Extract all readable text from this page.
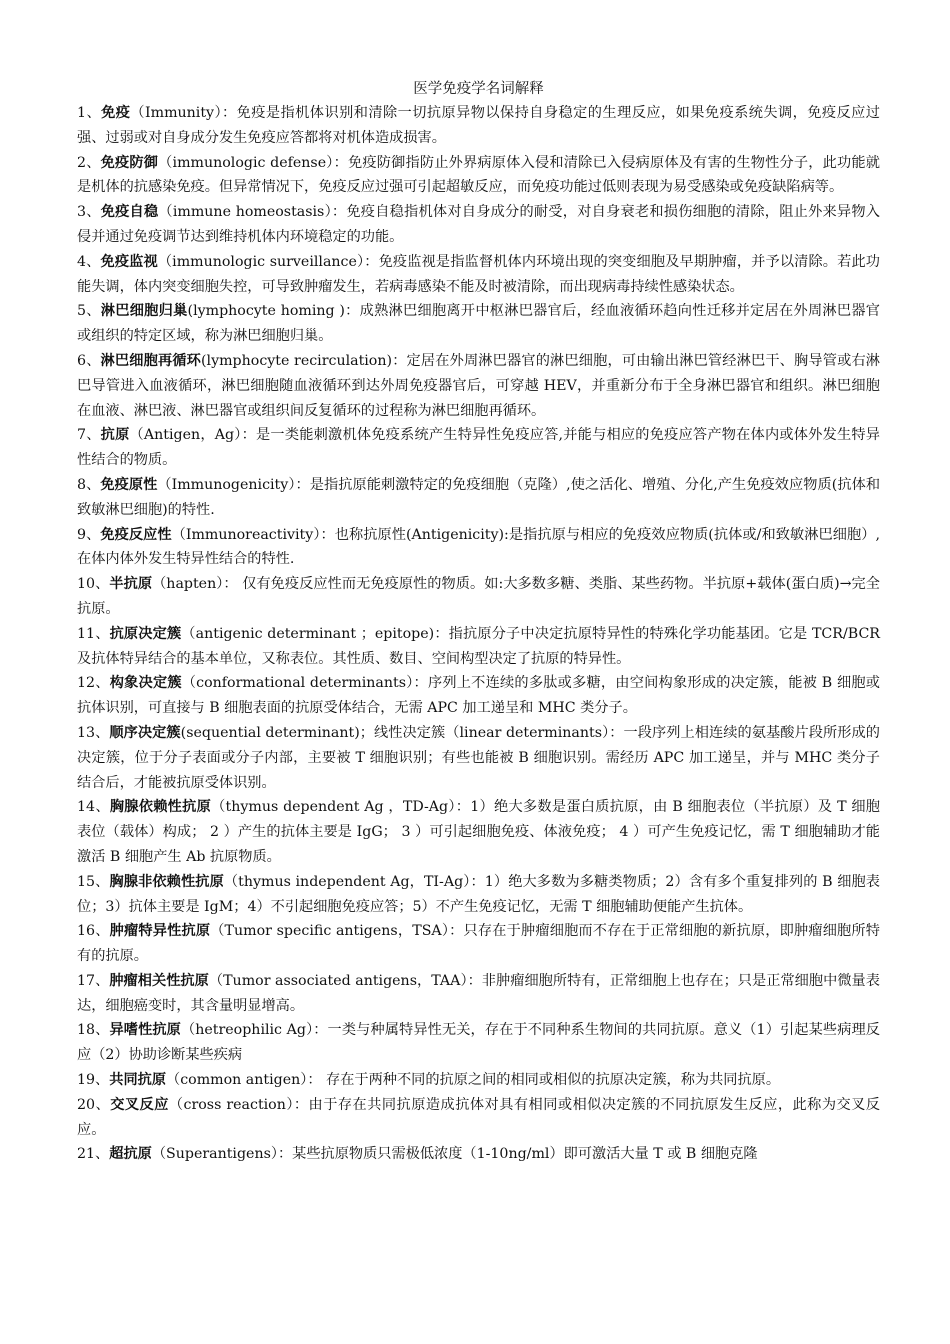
医学免疫学名词解释

1、免疫（Immunity）：免疫是指机体识别和清除一切抗原异物以保持自身稳定的生理反应，如果免疫系统失调，免疫反应过强、过弱或对自身成分发生免疫应答都将对机体造成损害。

2、免疫防御（immunologic defense）：免疫防御指防止外界病原体入侵和清除已入侵病原体及有害的生物性分子，此功能就是机体的抗感染免疫。但异常情况下，免疫反应过强可引起超敏反应，而免疫功能过低则表现为易受感染或免疫缺陷病等。

3、免疫自稳（immune homeostasis）：免疫自稳指机体对自身成分的耐受，对自身衰老和损伤细胞的清除，阻止外来异物入侵并通过免疫调节达到维持机体内环境稳定的功能。

4、免疫监视（immunologic surveillance）：免疫监视是指监督机体内环境出现的突变细胞及早期肿瘤，并予以清除。若此功能失调，体内突变细胞失控，可导致肿瘤发生，若病毒感染不能及时被清除，而出现病毒持续性感染状态。

5、淋巴细胞归巢(lymphocyte homing )：成熟淋巴细胞离开中枢淋巴器官后，经血液循环趋向性迁移并定居在外周淋巴器官或组织的特定区域，称为淋巴细胞归巢。

6、淋巴细胞再循环(lymphocyte recirculation)：定居在外周淋巴器官的淋巴细胞，可由输出淋巴管经淋巴干、胸导管或右淋巴导管进入血液循环，淋巴细胞随血液循环到达外周免疫器官后，可穿越 HEV，并重新分布于全身淋巴器官和组织。淋巴细胞在血液、淋巴液、淋巴器官或组织间反复循环的过程称为淋巴细胞再循环。

7、抗原（Antigen，Ag）：是一类能刺激机体免疫系统产生特异性免疫应答,并能与相应的免疫应答产物在体内或体外发生特异性结合的物质。

8、免疫原性（Immunogenicity）：是指抗原能刺激特定的免疫细胞（克隆）,使之活化、增殖、分化,产生免疫效应物质(抗体和致敏淋巴细胞)的特性.

9、免疫反应性（Immunoreactivity）：也称抗原性(Antigenicity):是指抗原与相应的免疫效应物质(抗体或/和致敏淋巴细胞）,在体内体外发生特异性结合的特性.

10、半抗原（hapten）： 仅有免疫反应性而无免疫原性的物质。如:大多数多糖、类脂、某些药物。半抗原+载体(蛋白质)→完全抗原。

11、抗原决定簇（antigenic determinant ；epitope)：指抗原分子中决定抗原特异性的特殊化学功能基团。它是 TCR/BCR 及抗体特异结合的基本单位，又称表位。其性质、数目、空间构型决定了抗原的特异性。

12、构象决定簇（conformational determinants）：序列上不连续的多肽或多糖，由空间构象形成的决定簇，能被 B 细胞或抗体识别，可直接与 B 细胞表面的抗原受体结合，无需 APC 加工递呈和 MHC 类分子。

13、顺序决定簇(sequential determinant)；线性决定簇（linear determinants）：一段序列上相连续的氨基酸片段所形成的决定簇，位于分子表面或分子内部，主要被 T 细胞识别；有些也能被 B 细胞识别。需经历 APC 加工递呈，并与 MHC 类分子结合后，才能被抗原受体识别。

14、胸腺依赖性抗原（thymus dependent Ag ，TD-Ag）：1）绝大多数是蛋白质抗原，由 B 细胞表位（半抗原）及 T 细胞表位（载体）构成； 2 ）产生的抗体主要是 IgG； 3 ）可引起细胞免疫、体液免疫； 4 ）可产生免疫记忆，需 T 细胞辅助才能激活 B 细胞产生 Ab 抗原物质。

15、胸腺非依赖性抗原（thymus independent Ag，TI-Ag）：1）绝大多数为多糖类物质；2）含有多个重复排列的 B 细胞表位；3）抗体主要是 IgM；4）不引起细胞免疫应答；5）不产生免疫记忆，无需 T 细胞辅助便能产生抗体。

16、肿瘤特异性抗原（Tumor specific antigens，TSA）：只存在于肿瘤细胞而不存在于正常细胞的新抗原，即肿瘤细胞所特有的抗原。

17、肿瘤相关性抗原（Tumor associated antigens，TAA）：非肿瘤细胞所特有，正常细胞上也存在；只是正常细胞中微量表达，细胞癌变时，其含量明显增高。

18、异嗜性抗原（hetreophilic Ag）：一类与种属特异性无关，存在于不同种系生物间的共同抗原。意义（1）引起某些病理反应（2）协助诊断某些疾病

19、共同抗原（common antigen）： 存在于两种不同的抗原之间的相同或相似的抗原决定簇，称为共同抗原。

20、交叉反应（cross reaction）：由于存在共同抗原造成抗体对具有相同或相似决定簇的不同抗原发生反应，此称为交叉反应。

21、超抗原（Superantigens）：某些抗原物质只需极低浓度（1-10ng/ml）即可激活大量 T 或 B 细胞克隆
